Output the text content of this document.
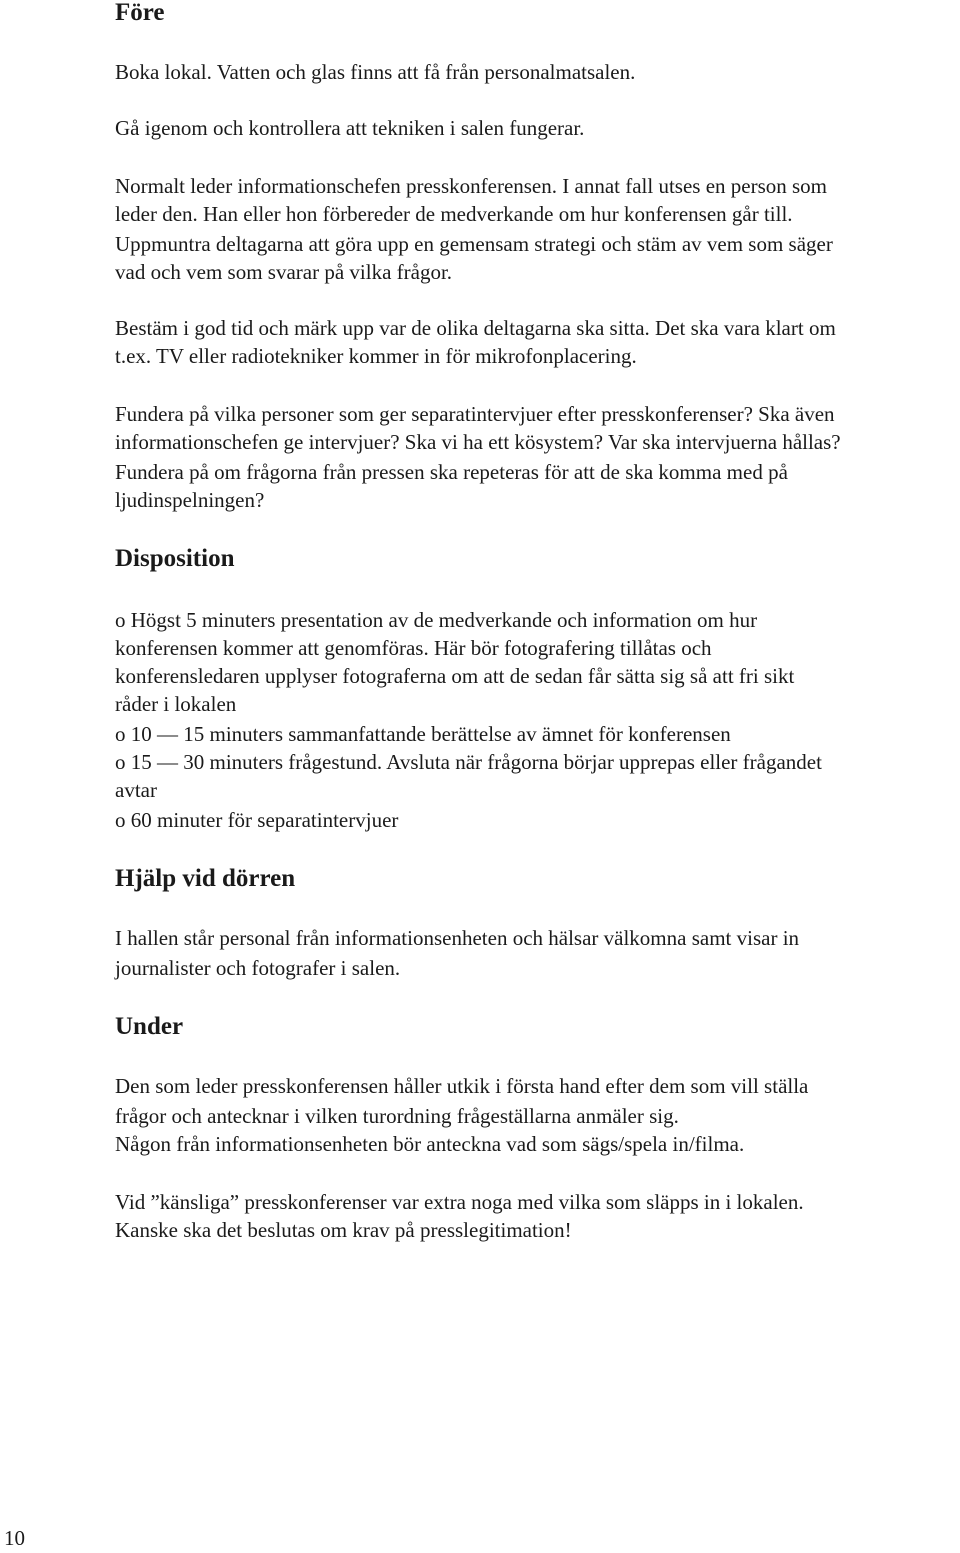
Före

Boka lokal. Vatten och glas finns att få från personalmatsalen.

Gå igenom och kontrollera att tekniken i salen fungerar.

Normalt leder informationschefen presskonferensen. I annat fall utses en person som

leder den. Han eller hon förbereder de medverkande om hur konferensen går till.

Uppmuntra deltagarna att göra upp en gemensam strategi och stäm av vem som säger

vad och vem som svarar på vilka frågor.

Bestäm i god tid och märk upp var de olika deltagarna ska sitta. Det ska vara klart om

t.ex. TV eller radiotekniker kommer in för mikrofonplacering.

Fundera på vilka personer som ger separatintervjuer efter presskonferenser? Ska även

informationschefen ge intervjuer? Ska vi ha ett kösystem? Var ska intervjuerna hållas?

Fundera på om frågorna från pressen ska repeteras för att de ska komma med på

ljudinspelningen?

Disposition

o Högst 5 minuters presentation av de medverkande och information om hur

konferensen kommer att genomföras. Här bör fotografering tillåtas och

konferensledaren upplyser fotograferna om att de sedan får sätta sig så att fri sikt

råder i lokalen

o 10 — 15 minuters sammanfattande berättelse av ämnet för konferensen

o 15 — 30 minuters frågestund. Avsluta när frågorna börjar upprepas eller frågandet

avtar

o 60 minuter för separatintervjuer

Hjälp vid dörren

I hallen står personal från informationsenheten och hälsar välkomna samt visar in

journalister och fotografer i salen.

Under

Den som leder presskonferensen håller utkik i första hand efter dem som vill ställa

frågor och antecknar i vilken turordning frågeställarna anmäler sig.

Någon från informationsenheten bör anteckna vad som sägs/spela in/filma.

Vid ”känsliga” presskonferenser var extra noga med vilka som släpps in i lokalen.

Kanske ska det beslutas om krav på presslegitimation!

10
